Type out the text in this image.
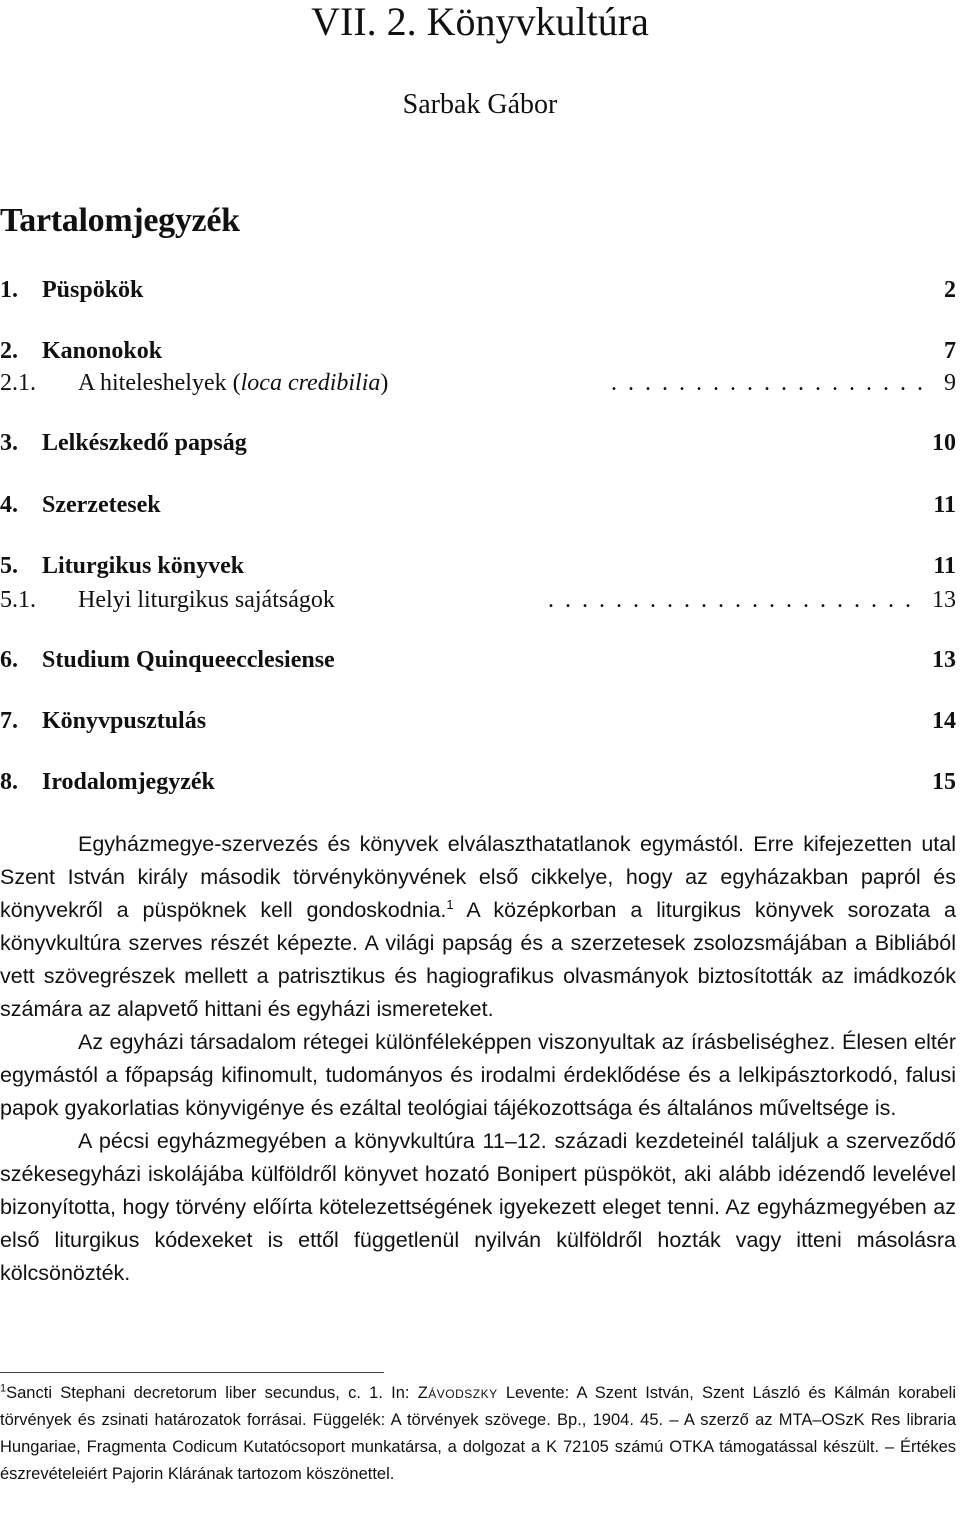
VII. 2. Könyvkultúra
Sarbak Gábor
Tartalomjegyzék
1.	Püspökök	2
2.	Kanonokok	7
2.1.	A hiteleshelyek (loca credibilia)	................... 9
3.	Lelkészkedő papság	10
4.	Szerzetesek	11
5.	Liturgikus könyvek	11
5.1.	Helyi liturgikus sajátságok	...................... 13
6.	Studium Quinqueecclesiense	13
7.	Könyvpusztulás	14
8.	Irodalomjegyzék	15

Egyházmegye-szervezés és könyvek elválaszthatatlanok egymástól. Erre kifejezetten utal Szent István király második törvénykönyvének első cikkelye, hogy az egyházakban papról és könyvekről a püspöknek kell gondoskodnia.$^1$ A középkorban a liturgikus könyvek sorozata a könyvkultúra szerves részét képezte. A világi papság és a szerzetesek zsolozsmájában a Bibliából vett szövegrészek mellett a patrisztikus és hagiografikus olvasmányok biztosították az imádkozók számára az alapvető hittani és egyházi ismereteket.

Az egyházi társadalom rétegei különféleképpen viszonyultak az írásbeliséghez. Élesen eltér egymástól a főpapság kifinomult, tudományos és irodalmi érdeklődése és a lelkipásztorkodó, falusi papok gyakorlatias könyvigénye és ezáltal teológiai tájékozottsága és általános műveltsége is.

A pécsi egyházmegyében a könyvkultúra 11–12. századi kezdeteinél találjuk a szerveződő székesegyházi iskolájába külföldről könyvet hozató Bonipert püspököt, aki alább idézendő levelével bizonyította, hogy törvény előírta kötelezettségének igyekezett eleget tenni. Az egyházmegyében az első liturgikus kódexeket is ettől függetlenül nyilván külföldről hozták vagy itteni másolásra kölcsönözték.

$^1$Sancti Stephani decretorum liber secundus, c. 1. In: Závodszky Levente: A Szent István, Szent László és Kálmán korabeli törvények és zsinati határozatok forrásai. Függelék: A törvények szövege. Bp., 1904. 45. – A szerző az MTA–OSzK Res libraria Hungariae, Fragmenta Codicum Kutatócsoport munkatársa, a dolgozat a K 72105 számú OTKA támogatással készült. – Értékes észrevételeiért Pajorin Klárának tartozom köszönettel.
